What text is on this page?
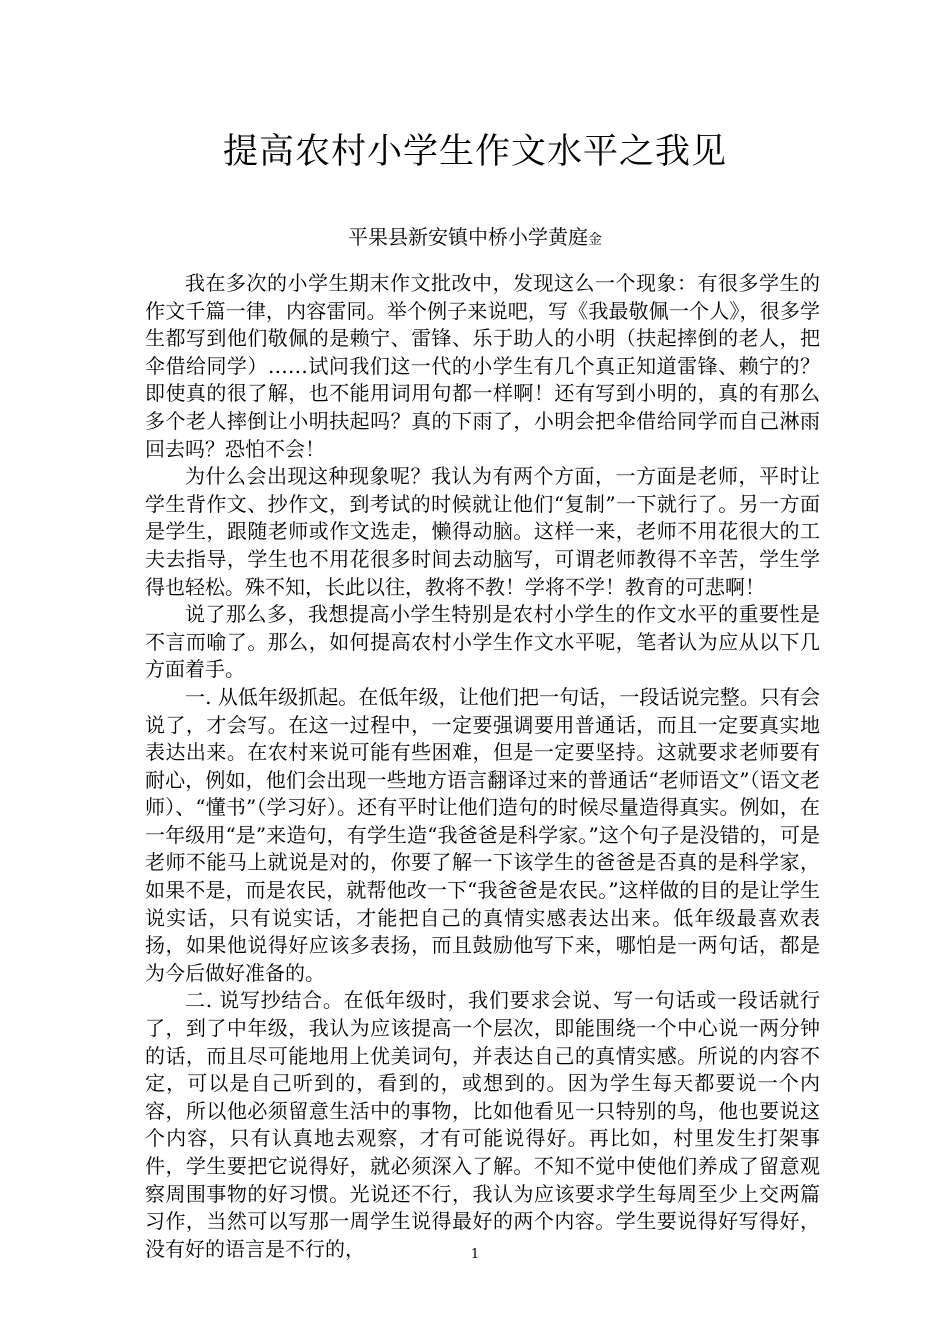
提高农村小学生作文水平之我见
平果县新安镇中桥小学黄庭金

我在多次的小学生期末作文批改中，发现这么一个现象：有很多学生的作文千篇一律，内容雷同。举个例子来说吧，写《我最敬佩一个人》，很多学生都写到他们敬佩的是赖宁、雷锋、乐于助人的小明（扶起摔倒的老人，把伞借给同学）……试问我们这一代的小学生有几个真正知道雷锋、赖宁的？即使真的很了解，也不能用词用句都一样啊！还有写到小明的，真的有那么多个老人摔倒让小明扶起吗？真的下雨了，小明会把伞借给同学而自己淋雨回去吗？恐怕不会！

为什么会出现这种现象呢？我认为有两个方面，一方面是老师，平时让学生背作文、抄作文，到考试的时候就让他们“复制”一下就行了。另一方面是学生，跟随老师或作文选走，懒得动脑。这样一来，老师不用花很大的工夫去指导，学生也不用花很多时间去动脑写，可谓老师教得不辛苦，学生学得也轻松。殊不知，长此以往，教将不教！学将不学！教育的可悲啊！

说了那么多，我想提高小学生特别是农村小学生的作文水平的重要性是不言而喻了。那么，如何提高农村小学生作文水平呢，笔者认为应从以下几方面着手。

一. 从低年级抓起。在低年级，让他们把一句话，一段话说完整。只有会说了，才会写。在这一过程中，一定要强调要用普通话，而且一定要真实地表达出来。在农村来说可能有些困难，但是一定要坚持。这就要求老师要有耐心，例如，他们会出现一些地方语言翻译过来的普通话“老师语文”（语文老师）、“懂书”（学习好）。还有平时让他们造句的时候尽量造得真实。例如，在一年级用“是”来造句，有学生造“我爸爸是科学家。”这个句子是没错的，可是老师不能马上就说是对的，你要了解一下该学生的爸爸是否真的是科学家，如果不是，而是农民，就帮他改一下“我爸爸是农民。”这样做的目的是让学生说实话，只有说实话，才能把自己的真情实感表达出来。低年级最喜欢表扬，如果他说得好应该多表扬，而且鼓励他写下来，哪怕是一两句话，都是为今后做好准备的。

二. 说写抄结合。在低年级时，我们要求会说、写一句话或一段话就行了，到了中年级，我认为应该提高一个层次，即能围绕一个中心说一两分钟的话，而且尽可能地用上优美词句，并表达自己的真情实感。所说的内容不定，可以是自己听到的，看到的，或想到的。因为学生每天都要说一个内容，所以他必须留意生活中的事物，比如他看见一只特别的鸟，他也要说这个内容，只有认真地去观察，才有可能说得好。再比如，村里发生打架事件，学生要把它说得好，就必须深入了解。不知不觉中使他们养成了留意观察周围事物的好习惯。光说还不行，我认为应该要求学生每周至少上交两篇习作，当然可以写那一周学生说得最好的两个内容。学生要说得好写得好，没有好的语言是不行的，	1
